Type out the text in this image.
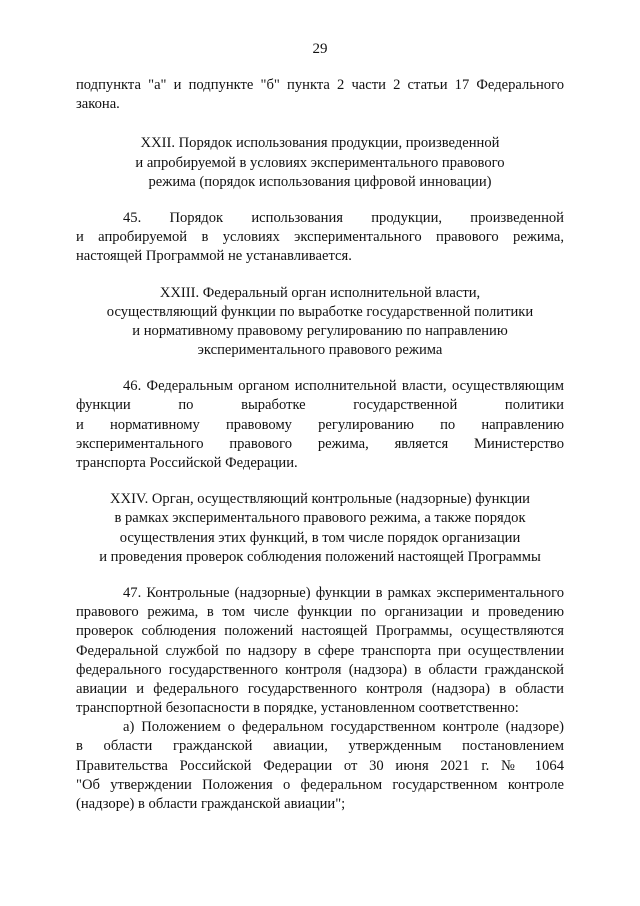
29
подпункта "а" и подпункте "б" пункта 2 части 2 статьи 17 Федерального
закона.
XXII. Порядок использования продукции, произведенной
и апробируемой в условиях экспериментального правового
режима (порядок использования цифровой инновации)
45. Порядок использования продукции, произведенной
и апробируемой в условиях экспериментального правового режима,
настоящей Программой не устанавливается.
XXIII. Федеральный орган исполнительной власти,
осуществляющий функции по выработке государственной политики
и нормативному правовому регулированию по направлению
экспериментального правового режима
46. Федеральным органом исполнительной власти, осуществляющим
функции по выработке государственной политики
и нормативному правовому регулированию по направлению
экспериментального правового режима, является Министерство
транспорта Российской Федерации.
XXIV. Орган, осуществляющий контрольные (надзорные) функции
в рамках экспериментального правового режима, а также порядок
осуществления этих функций, в том числе порядок организации
и проведения проверок соблюдения положений настоящей Программы
47. Контрольные (надзорные) функции в рамках экспериментального
правового режима, в том числе функции по организации и проведению
проверок соблюдения положений настоящей Программы, осуществляются
Федеральной службой по надзору в сфере транспорта при осуществлении
федерального государственного контроля (надзора) в области гражданской
авиации и федерального государственного контроля (надзора) в области
транспортной безопасности в порядке, установленном соответственно:
а) Положением о федеральном государственном контроле (надзоре)
в области гражданской авиации, утвержденным постановлением
Правительства Российской Федерации от 30 июня 2021 г. № 1064
"Об утверждении Положения о федеральном государственном контроле
(надзоре) в области гражданской авиации";
